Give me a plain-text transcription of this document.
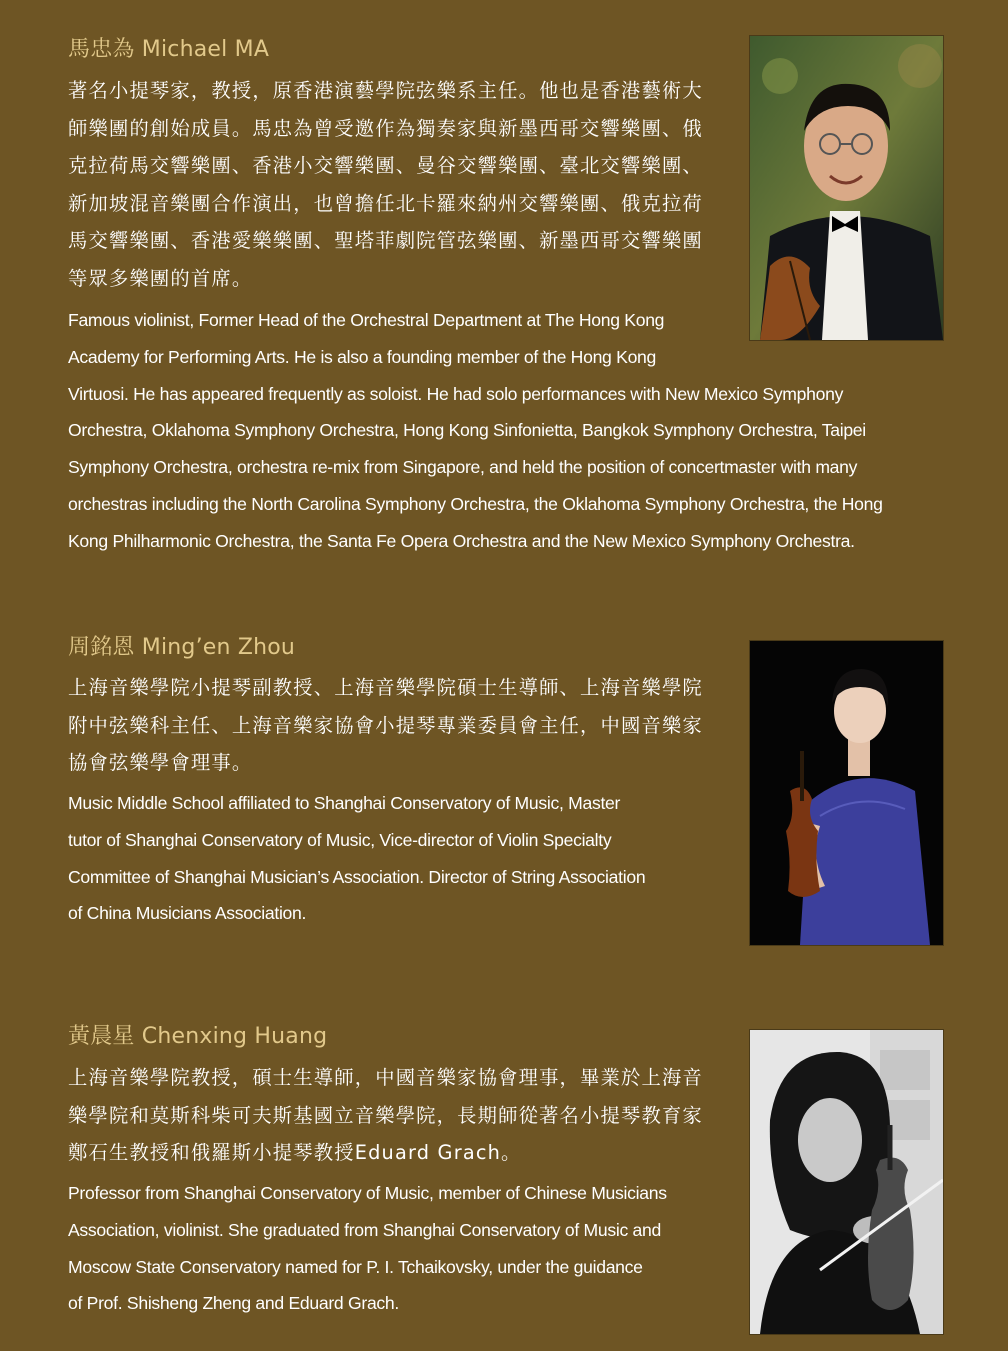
馬忠為 Michael MA

著名小提琴家，教授，原香港演藝學院弦樂系主任。他也是香港藝術大師樂團的創始成員。馬忠為曾受邀作為獨奏家與新墨西哥交響樂團、俄克拉荷馬交響樂團、香港小交響樂團、曼谷交響樂團、臺北交響樂團、新加坡混音樂團合作演出，也曾擔任北卡羅來納州交響樂團、俄克拉荷馬交響樂團、香港愛樂樂團、聖塔菲劇院管弦樂團、新墨西哥交響樂團等眾多樂團的首席。

Famous violinist, Former Head of the Orchestral Department at The Hong Kong
Academy for Performing Arts. He is also a founding member of the Hong Kong
Virtuosi. He has appeared frequently as soloist. He had solo performances with New Mexico Symphony
Orchestra, Oklahoma Symphony Orchestra, Hong Kong Sinfonietta, Bangkok Symphony Orchestra, Taipei
Symphony Orchestra, orchestra re-mix from Singapore, and held the position of concertmaster with many
orchestras including the North Carolina Symphony Orchestra, the Oklahoma Symphony Orchestra, the Hong
Kong Philharmonic Orchestra, the Santa Fe Opera Orchestra and the New Mexico Symphony Orchestra.
周銘恩 Ming’en Zhou

上海音樂學院小提琴副教授、上海音樂學院碩士生導師、上海音樂學院附中弦樂科主任、上海音樂家協會小提琴專業委員會主任，中國音樂家協會弦樂學會理事。

Music Middle School affiliated to Shanghai Conservatory of Music, Master
tutor of Shanghai Conservatory of Music, Vice-director of Violin Specialty
Committee of Shanghai Musician’s Association. Director of String Association
of China Musicians Association.
黃晨星 Chenxing Huang

上海音樂學院教授，碩士生導師，中國音樂家協會理事，畢業於上海音樂學院和莫斯科柴可夫斯基國立音樂學院，長期師從著名小提琴教育家鄭石生教授和俄羅斯小提琴教授Eduard Grach。

Professor from Shanghai Conservatory of Music, member of Chinese Musicians
Association, violinist. She graduated from Shanghai Conservatory of Music and
Moscow State Conservatory named for P. I. Tchaikovsky, under the guidance
of Prof. Shisheng Zheng and Eduard Grach.
